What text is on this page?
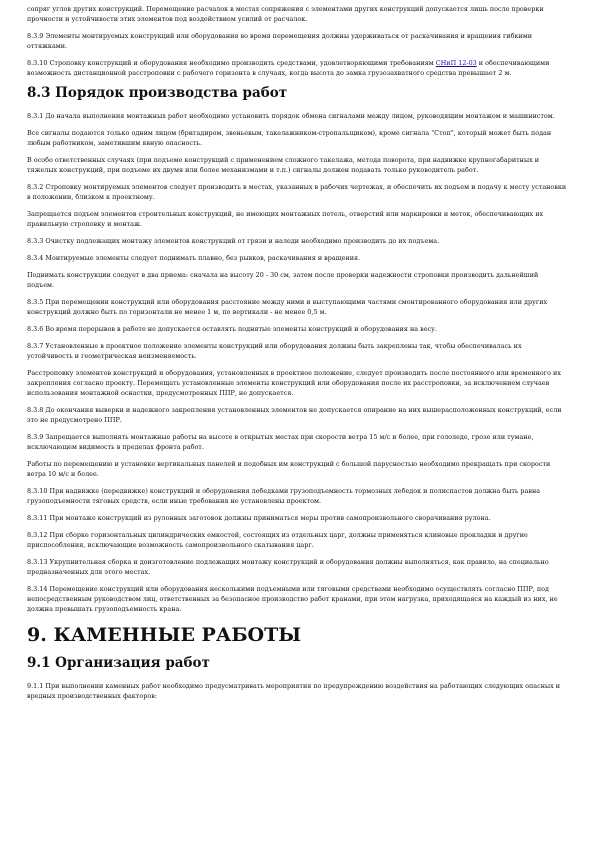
сопряг углов других конструкций. Перемещение расчалок в местах сопряжения с элементами других конструкций допускается лишь после проверки прочности и устойчивости этих элементов под воздействием усилий от расчалок.

8.3.9 Элементы монтируемых конструкций или оборудования во время перемещения должны удерживаться от раскачивания и вращения гибкими оттяжками.

8.3.10 Строповку конструкций и оборудования необходимо производить средствами, удовлетворяющими требованиям СНиП 12-03 и обеспечивающими возможность дистанционной расстроповки с рабочего горизонта в случаях, когда высота до замка грузозахватного средства превышает 2 м.

8.3 Порядок производства работ

8.3.1 До начала выполнения монтажных работ необходимо установить порядок обмена сигналами между лицом, руководящим монтажом и машинистом.

Все сигналы подаются только одним лицом (бригадиром, звеньевым, такелажником-стропальщиком), кроме сигнала "Стоп", который может быть подан любым работником, заметившим явную опасность.

В особо ответственных случаях (при подъеме конструкций с применением сложного такелажа, метода поворота, при надвижке крупногабаритных и тяжелых конструкций, при подъеме их двумя или более механизмами и т.п.) сигналы должен подавать только руководитель работ.

8.3.2 Строповку монтируемых элементов следует производить в местах, указанных в рабочих чертежах, и обеспечить их подъем и подачу к месту установки в положении, близком к проектному.

Запрещается подъем элементов строительных конструкций, не имеющих монтажных петель, отверстий или маркировки и меток, обеспечивающих их правильную строповку и монтаж.

8.3.3 Очистку подлежащих монтажу элементов конструкций от грязи и наледи необходимо производить до их подъема.

8.3.4 Монтируемые элементы следует поднимать плавно, без рывков, раскачивания и вращения.

Поднимать конструкции следует в два приема: сначала на высоту 20 - 30 см, затем после проверки надежности строповки производить дальнейший подъем.

8.3.5 При перемещении конструкций или оборудования расстояние между ними и выступающими частями смонтированного оборудования или других конструкций должно быть по горизонтали не менее 1 м, по вертикали - не менее 0,5 м.

8.3.6 Во время перерывов в работе не допускается оставлять поднятые элементы конструкций и оборудования на весу.

8.3.7 Установленные в проектное положение элементы конструкций или оборудования должны быть закреплены так, чтобы обеспечивалась их устойчивость и геометрическая неизменяемость.

Расстроповку элементов конструкций и оборудования, установленных в проектное положение, следует производить после постоянного или временного их закрепления согласно проекту. Перемещать установленные элементы конструкций или оборудования после их расстроповки, за исключением случаев использования монтажной оснастки, предусмотренных ППР, не допускается.

8.3.8 До окончания выверки и надежного закрепления установленных элементов не допускается опирание на них вышерасположенных конструкций, если это не предусмотрено ППР.

8.3.9 Запрещается выполнять монтажные работы на высоте в открытых местах при скорости ветра 15 м/с и более, при гололеде, грозе или тумане, исключающем видимость в пределах фронта работ.

Работы по перемещению и установке вертикальных панелей и подобных им конструкций с большой парусностью необходимо прекращать при скорости ветра 10 м/с и более.

8.3.10 При надвижке (передвижке) конструкций и оборудования лебедками грузоподъемность тормозных лебедок и полиспастов должна быть равна грузоподъемности тяговых средств, если иные требования не установлены проектом.

8.3.11 При монтаже конструкций из рулонных заготовок должны приниматься меры против самопроизвольного сворачивания рулона.

8.3.12 При сборке горизонтальных цилиндрических емкостей, состоящих из отдельных царг, должны применяться клиновые прокладки и другие приспособления, исключающие возможность самопроизвольного скатывания царг.

8.3.13 Укрупнительная сборка и доизготовление подлежащих монтажу конструкций и оборудования должны выполняться, как правило, на специально предназначенных для этого местах.

8.3.14 Перемещение конструкций или оборудования несколькими подъемными или тяговыми средствами необходимо осуществлять согласно ППР, под непосредственным руководством лиц, ответственных за безопасное производство работ кранами, при этом нагрузка, приходящаяся на каждый из них, не должна превышать грузоподъемность крана.

9. КАМЕННЫЕ РАБОТЫ
9.1 Организация работ

9.1.1 При выполнении каменных работ необходимо предусматривать мероприятия по предупреждению воздействия на работающих следующих опасных и вредных производственных факторов:
